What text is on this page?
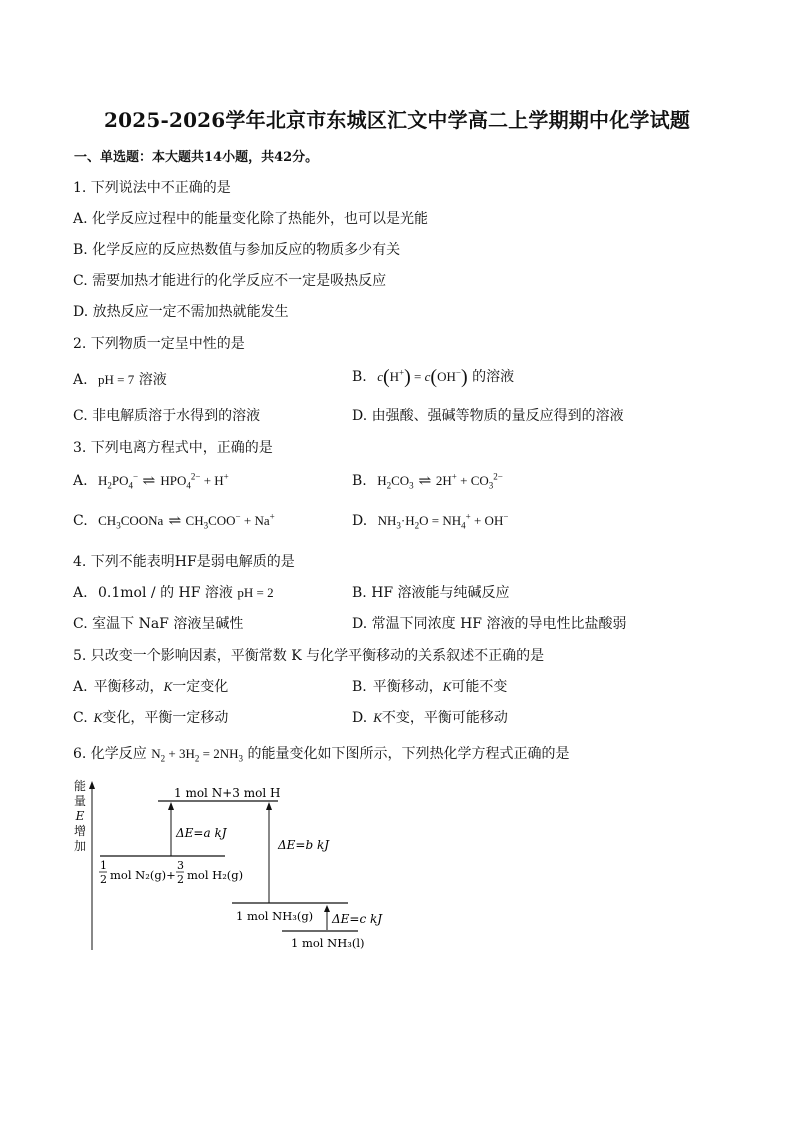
2025-2026学年北京市东城区汇文中学高二上学期期中化学试题
一、单选题：本大题共14小题，共42分。
1. 下列说法中不正确的是
A. 化学反应过程中的能量变化除了热能外，也可以是光能
B. 化学反应的反应热数值与参加反应的物质多少有关
C. 需要加热才能进行的化学反应不一定是吸热反应
D. 放热反应一定不需加热就能发生
2. 下列物质一定呈中性的是
A. pH = 7 溶液	B. c(H+) = c(OH−) 的溶液
C. 非电解质溶于水得到的溶液	D. 由强酸、强碱等物质的量反应得到的溶液
3. 下列电离方程式中，正确的是
A. $H_2PO_4^-$ ⇌ $HPO_4^{2-} + H^+$	B. $H_2CO_3$ ⇌ $2H^+ + CO_3^{2-}$
C. $CH_3COONa$ ⇌ $CH_3COO^- + Na^+$	D. $NH_3\cdot H_2O = NH_4^+ + OH^-$
4. 下列不能表明HF是弱电解质的是
A. 0.1mol / 的 HF 溶液 pH = 2	B. HF 溶液能与纯碱反应
C. 室温下 NaF 溶液呈碱性	D. 常温下同浓度 HF 溶液的导电性比盐酸弱
5. 只改变一个影响因素，平衡常数 K 与化学平衡移动的关系叙述不正确的是
A. 平衡移动，K一定变化	B. 平衡移动，K可能不变
C. K变化，平衡一定移动	D. K不变，平衡可能移动
6. 化学反应 $N_2 + 3H_2 = 2NH_3$ 的能量变化如下图所示，下列热化学方程式正确的是
能
量
E
增
加
1 mol N+3 mol H
1
2 mol N₂(g)+
3
2 mol H₂(g)
ΔE=a kJ
ΔE=b kJ
1 mol NH₃(g) ΔE=c kJ
1 mol NH₃(l)
